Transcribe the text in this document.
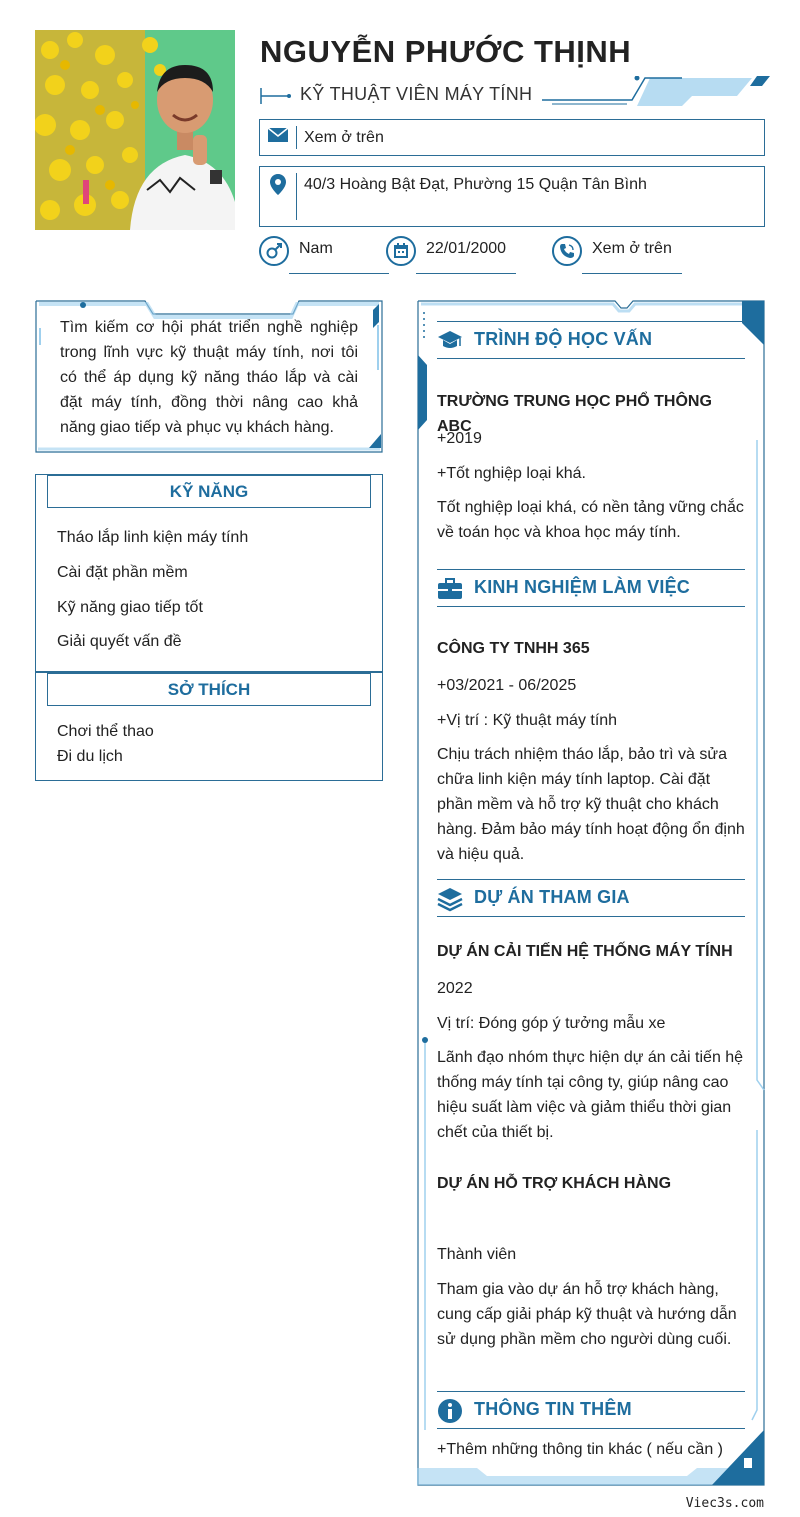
NGUYỄN PHƯỚC THỊNH
KỸ THUẬT VIÊN MÁY TÍNH
Xem ở trên
40/3 Hoàng Bật Đạt, Phường 15 Quận Tân Bình
Nam	22/01/2000	Xem ở trên
Tìm kiếm cơ hội phát triển nghề nghiệp trong lĩnh vực kỹ thuật máy tính, nơi tôi có thể áp dụng kỹ năng tháo lắp và cài đặt máy tính, đồng thời nâng cao khả năng giao tiếp và phục vụ khách hàng.
KỸ NĂNG
Tháo lắp linh kiện máy tính
Cài đặt phần mềm
Kỹ năng giao tiếp tốt
Giải quyết vấn đề
SỞ THÍCH
Chơi thể thao
Đi du lịch
TRÌNH ĐỘ HỌC VẤN
TRƯỜNG TRUNG HỌC PHỔ THÔNG ABC
+2019
+Tốt nghiệp loại khá.
Tốt nghiệp loại khá, có nền tảng vững chắc về toán học và khoa học máy tính.
KINH NGHIỆM LÀM VIỆC
CÔNG TY TNHH 365
+03/2021 - 06/2025
+Vị trí : Kỹ thuật máy tính
Chịu trách nhiệm tháo lắp, bảo trì và sửa chữa linh kiện máy tính laptop. Cài đặt phần mềm và hỗ trợ kỹ thuật cho khách hàng. Đảm bảo máy tính hoạt động ổn định và hiệu quả.
DỰ ÁN THAM GIA
DỰ ÁN CẢI TIẾN HỆ THỐNG MÁY TÍNH
2022
Vị trí: Đóng góp ý tưởng mẫu xe
Lãnh đạo nhóm thực hiện dự án cải tiến hệ thống máy tính tại công ty, giúp nâng cao hiệu suất làm việc và giảm thiểu thời gian chết của thiết bị.
DỰ ÁN HỖ TRỢ KHÁCH HÀNG
Thành viên
Tham gia vào dự án hỗ trợ khách hàng, cung cấp giải pháp kỹ thuật và hướng dẫn sử dụng phần mềm cho người dùng cuối.
THÔNG TIN THÊM
+Thêm những thông tin khác ( nếu cần )
Viec3s.com
